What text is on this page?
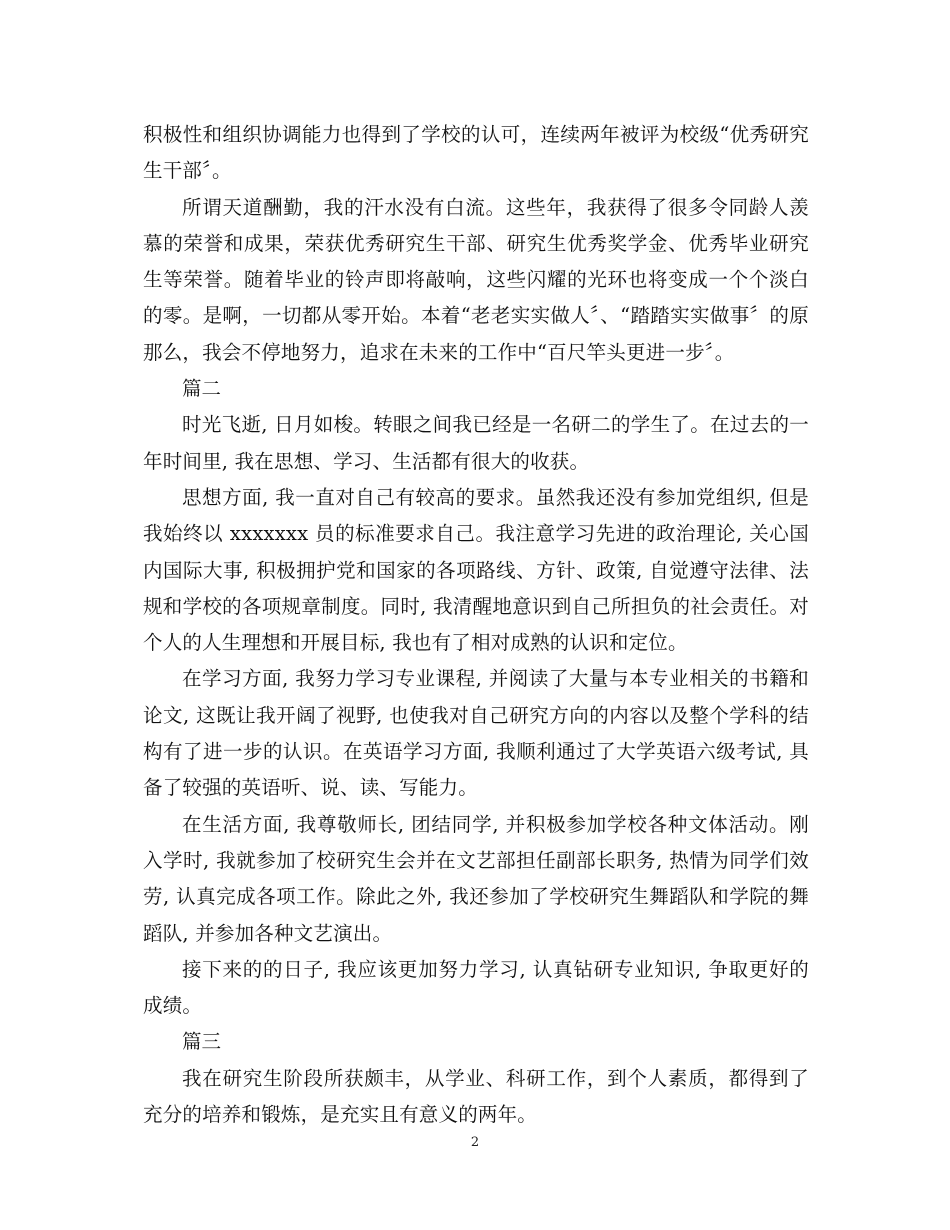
积极性和组织协调能力也得到了学校的认可，连续两年被评为校级“优秀研究生干部〞。

所谓天道酬勤，我的汗水没有白流。这些年，我获得了很多令同龄人羡慕的荣誉和成果，荣获优秀研究生干部、研究生优秀奖学金、优秀毕业研究生等荣誉。随着毕业的铃声即将敲响，这些闪耀的光环也将变成一个个淡白的零。是啊，一切都从零开始。本着“老老实实做人〞、“踏踏实实做事〞的原那么，我会不停地努力，追求在未来的工作中“百尺竿头更进一步〞。

篇二

时光飞逝, 日月如梭。转眼之间我已经是一名研二的学生了。在过去的一年时间里, 我在思想、学习、生活都有很大的收获。

思想方面, 我一直对自己有较高的要求。虽然我还没有参加党组织, 但是我始终以 xxxxxxx 员的标准要求自己。我注意学习先进的政治理论, 关心国内国际大事, 积极拥护党和国家的各项路线、方针、政策, 自觉遵守法律、法规和学校的各项规章制度。同时, 我清醒地意识到自己所担负的社会责任。对个人的人生理想和开展目标, 我也有了相对成熟的认识和定位。

在学习方面, 我努力学习专业课程, 并阅读了大量与本专业相关的书籍和论文, 这既让我开阔了视野, 也使我对自己研究方向的内容以及整个学科的结构有了进一步的认识。在英语学习方面, 我顺利通过了大学英语六级考试, 具备了较强的英语听、说、读、写能力。

在生活方面, 我尊敬师长, 团结同学, 并积极参加学校各种文体活动。刚入学时, 我就参加了校研究生会并在文艺部担任副部长职务, 热情为同学们效劳, 认真完成各项工作。除此之外, 我还参加了学校研究生舞蹈队和学院的舞蹈队, 并参加各种文艺演出。

接下来的的日子, 我应该更加努力学习, 认真钻研专业知识, 争取更好的成绩。

篇三

我在研究生阶段所获颇丰，从学业、科研工作，到个人素质，都得到了充分的培养和锻炼，是充实且有意义的两年。

2
